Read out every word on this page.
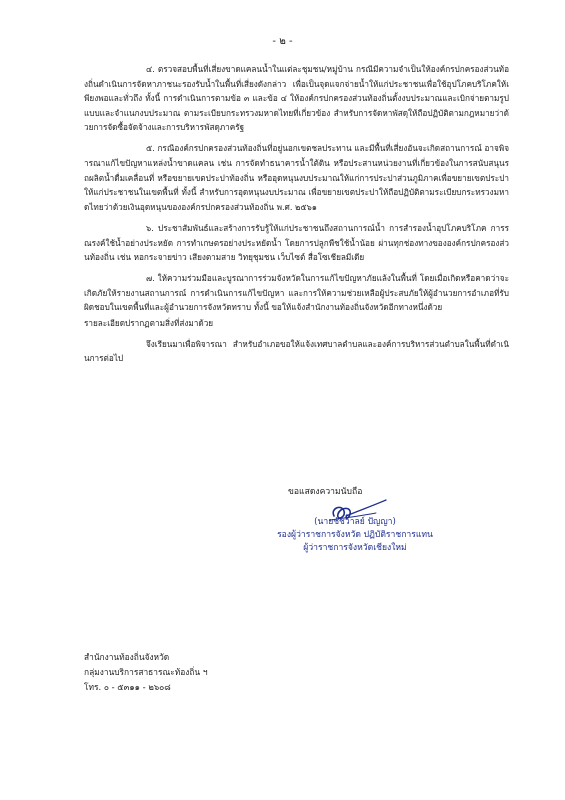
- ๒ -

๔. ตรวจสอบพื้นที่เสี่ยงขาดแคลนน้ำในแต่ละชุมชน/หมู่บ้าน กรณีมีความจำเป็นให้องค์กรปกครองส่วนท้องถิ่นดำเนินการจัดหาภาชนะรองรับน้ำในพื้นที่เสี่ยงดังกล่าว เพื่อเป็นจุดแจกจ่ายน้ำให้แก่ประชาชนเพื่อใช้อุปโภคบริโภคให้เพียงพอและทั่วถึง ทั้งนี้ การดำเนินการตามข้อ ๓ และข้อ ๔ ให้องค์กรปกครองส่วนท้องถิ่นตั้งงบประมาณและเบิกจ่ายตามรูปแบบและจำแนกงบประมาณ ตามระเบียบกระทรวงมหาดไทยที่เกี่ยวข้อง สำหรับการจัดหาพัสดุให้ถือปฏิบัติตามกฎหมายว่าด้วยการจัดซื้อจัดจ้างและการบริหารพัสดุภาครัฐ

๕. กรณีองค์กรปกครองส่วนท้องถิ่นที่อยู่นอกเขตชลประทาน และมีพื้นที่เสี่ยงอันจะเกิดสถานการณ์ อาจพิจารณาแก้ไขปัญหาแหล่งน้ำขาดแคลน เช่น การจัดทำธนาคารน้ำใต้ดิน หรือประสานหน่วยงานที่เกี่ยวข้องในการสนับสนุนรถผลิตน้ำดื่มเคลื่อนที่ หรือขยายเขตประปาท้องถิ่น หรืออุดหนุนงบประมาณให้แก่การประปาส่วนภูมิภาคเพื่อขยายเขตประปาให้แก่ประชาชนในเขตพื้นที่ ทั้งนี้ สำหรับการอุดหนุนงบประมาณ เพื่อขยายเขตประปาให้ถือปฏิบัติตามระเบียบกระทรวงมหาดไทยว่าด้วยเงินอุดหนุนขององค์กรปกครองส่วนท้องถิ่น พ.ศ. ๒๕๖๑

๖. ประชาสัมพันธ์และสร้างการรับรู้ให้แก่ประชาชนถึงสถานการณ์น้ำ การสำรองน้ำอุปโภคบริโภค การรณรงค์ใช้น้ำอย่างประหยัด การทำเกษตรอย่างประหยัดน้ำ โดยการปลูกพืชใช้น้ำน้อย ผ่านทุกช่องทางขององค์กรปกครองส่วนท้องถิ่น เช่น หอกระจายข่าว เสียงตามสาย วิทยุชุมชน เว็บไซต์ สื่อโซเชียลมีเดีย

๗. ให้ความร่วมมือและบูรณาการร่วมจังหวัดในการแก้ไขปัญหาภัยแล้งในพื้นที่ โดยเมื่อเกิดหรือคาดว่าจะเกิดภัยให้รายงานสถานการณ์ การดำเนินการแก้ไขปัญหา และการให้ความช่วยเหลือผู้ประสบภัยให้ผู้อำนวยการอำเภอที่รับผิดชอบในเขตพื้นที่และผู้อำนวยการจังหวัดทราบ ทั้งนี้ ขอให้แจ้งสำนักงานท้องถิ่นจังหวัดอีกทางหนึ่งด้วย

รายละเอียดปรากฏตามสิ่งที่ส่งมาด้วย

จึงเรียนมาเพื่อพิจารณา สำหรับอำเภอขอให้แจ้งเทศบาลตำบลและองค์การบริหารส่วนตำบลในพื้นที่ดำเนินการต่อไป

ขอแสดงความนับถือ
(นายชัชวาลย์ ปัญญา)
รองผู้ว่าราชการจังหวัด ปฏิบัติราชการแทน
ผู้ว่าราชการจังหวัดเชียงใหม่
สำนักงานท้องถิ่นจังหวัด
กลุ่มงานบริการสาธารณะท้องถิ่น ฯ
โทร. ๐ - ๕๓๑๑ - ๒๖๐๘
